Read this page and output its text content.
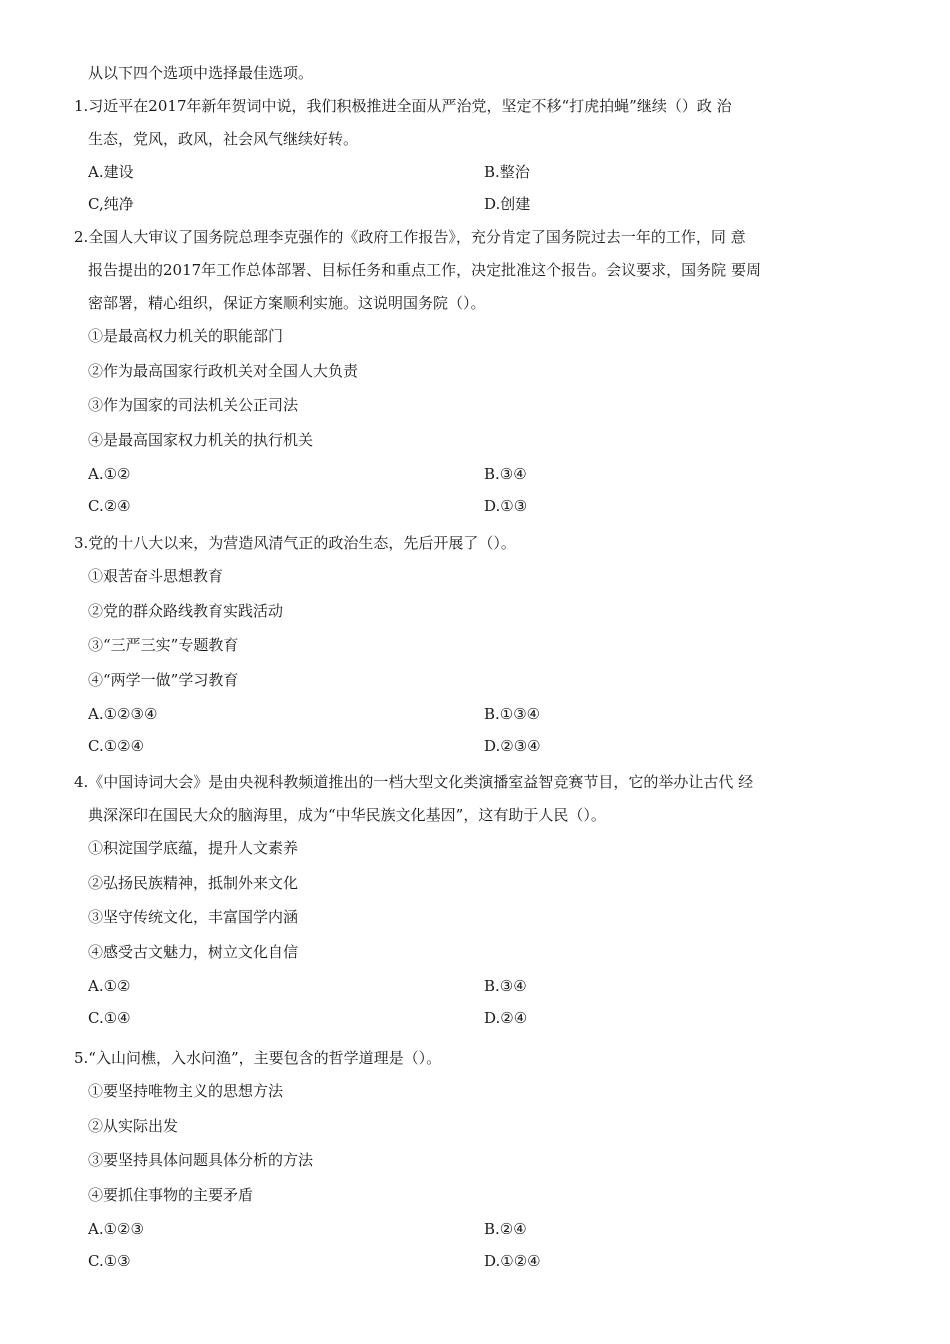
从以下四个选项中选择最佳选项。
1.习近平在2017年新年贺词中说，我们积极推进全面从严治党，坚定不移“打虎拍蝇”继续（）政 治
生态，党风，政风，社会风气继续好转。
A.建设	B.整治
C,纯净	D.创建
2.全国人大审议了国务院总理李克强作的《政府工作报告》，充分肯定了国务院过去一年的工作，同 意
报告提出的2017年工作总体部署、目标任务和重点工作，决定批准这个报告。会议要求，国务院 要周
密部署，精心组织，保证方案顺利实施。这说明国务院（）。
①是最高权力机关的职能部门
②作为最高国家行政机关对全国人大负责
③作为国家的司法机关公正司法
④是最高国家权力机关的执行机关
A.①②	B.③④
C.②④	D.①③
3.党的十八大以来，为营造风清气正的政治生态，先后开展了（）。
①艰苦奋斗思想教育
②党的群众路线教育实践活动
③“三严三实”专题教育
④“两学一做”学习教育
A.①②③④	B.①③④
C.①②④	D.②③④
4.《中国诗词大会》是由央视科教频道推出的一档大型文化类演播室益智竞赛节目，它的举办让古代 经
典深深印在国民大众的脑海里，成为“中华民族文化基因”，这有助于人民（）。
①积淀国学底蕴，提升人文素养
②弘扬民族精神，抵制外来文化
③坚守传统文化，丰富国学内涵
④感受古文魅力，树立文化自信
A.①②	B.③④
C.①④	D.②④
5.“入山问樵，入水问渔”，主要包含的哲学道理是（）。
①要坚持唯物主义的思想方法
②从实际出发
③要坚持具体问题具体分析的方法
④要抓住事物的主要矛盾
A.①②③	B.②④
C.①③	D.①②④
